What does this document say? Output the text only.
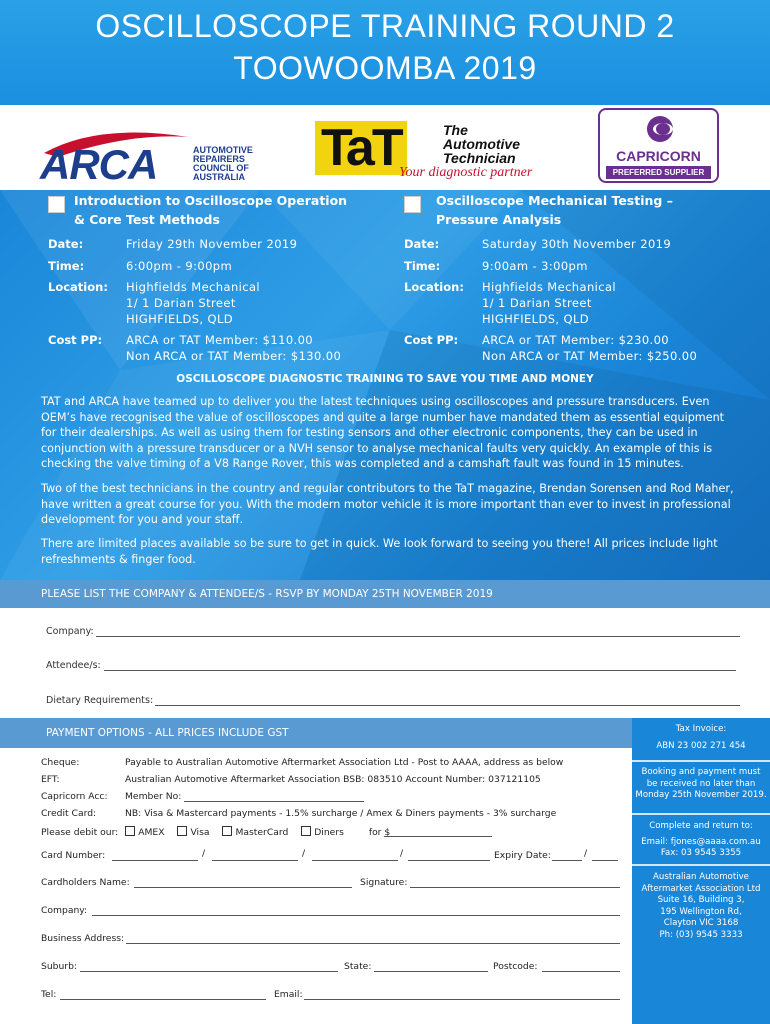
OSCILLOSCOPE TRAINING ROUND 2
TOOWOOMBA 2019
ARCA	AUTOMOTIVE REPAIRERS COUNCIL OF AUSTRALIA	TaT	The
Automotive
Technician
Your diagnostic partner
CAPRICORN
PREFERRED SUPPLIER
Introduction to Oscilloscope Operation
& Core Test Methods
Date:	Friday 29th November 2019
Time:	6:00pm - 9:00pm
Location: Highfields Mechanical
1/ 1 Darian Street
HIGHFIELDS, QLD
Cost PP: ARCA or TAT Member: $110.00
Non ARCA or TAT Member: $130.00
Oscilloscope Mechanical Testing –
Pressure Analysis
Date:	Saturday 30th November 2019
Time:	9:00am - 3:00pm
Location: Highfields Mechanical
1/ 1 Darian Street
HIGHFIELDS, QLD
Cost PP: ARCA or TAT Member: $230.00
Non ARCA or TAT Member: $250.00
OSCILLOSCOPE DIAGNOSTIC TRAINING TO SAVE YOU TIME AND MONEY
TAT and ARCA have teamed up to deliver you the latest techniques using oscilloscopes and pressure transducers. Even OEM’s have recognised the value of oscilloscopes and quite a large number have mandated them as essential equipment for their dealerships. As well as using them for testing sensors and other electronic components, they can be used in conjunction with a pressure transducer or a NVH sensor to analyse mechanical faults very quickly. An example of this is checking the valve timing of a V8 Range Rover, this was completed and a camshaft fault was found in 15 minutes.
Two of the best technicians in the country and regular contributors to the TaT magazine, Brendan Sorensen and Rod Maher, have written a great course for you. With the modern motor vehicle it is more important than ever to invest in professional development for you and your staff.
There are limited places available so be sure to get in quick. We look forward to seeing you there! All prices include light refreshments & finger food.
PLEASE LIST THE COMPANY & ATTENDEE/S - RSVP BY MONDAY 25TH NOVEMBER 2019
Company:
Attendee/s:
Dietary Requirements:
PAYMENT OPTIONS - ALL PRICES INCLUDE GST
Cheque:	Payable to Australian Automotive Aftermarket Association Ltd - Post to AAAA, address as below
EFT:	Australian Automotive Aftermarket Association BSB: 083510 Account Number: 037121105
Capricorn Acc: Member No:
Credit Card:	NB: Visa & Mastercard payments - 1.5% surcharge / Amex & Diners payments - 3% surcharge
Please debit our: AMEX	Visa	MasterCard	Diners	for $
Card Number:	/	/	/	Expiry Date:	/
Cardholders Name:	Signature:
Company:
Business Address:
Suburb:	State:	Postcode:
Tel:	Email:
Tax Invoice:
ABN 23 002 271 454
Booking and payment must
be received no later than
Monday 25th November 2019.
Complete and return to:
Email: fjones@aaaa.com.au
Fax: 03 9545 3355
Australian Automotive
Aftermarket Association Ltd
Suite 16, Building 3,
195 Wellington Rd,
Clayton VIC 3168
Ph: (03) 9545 3333
